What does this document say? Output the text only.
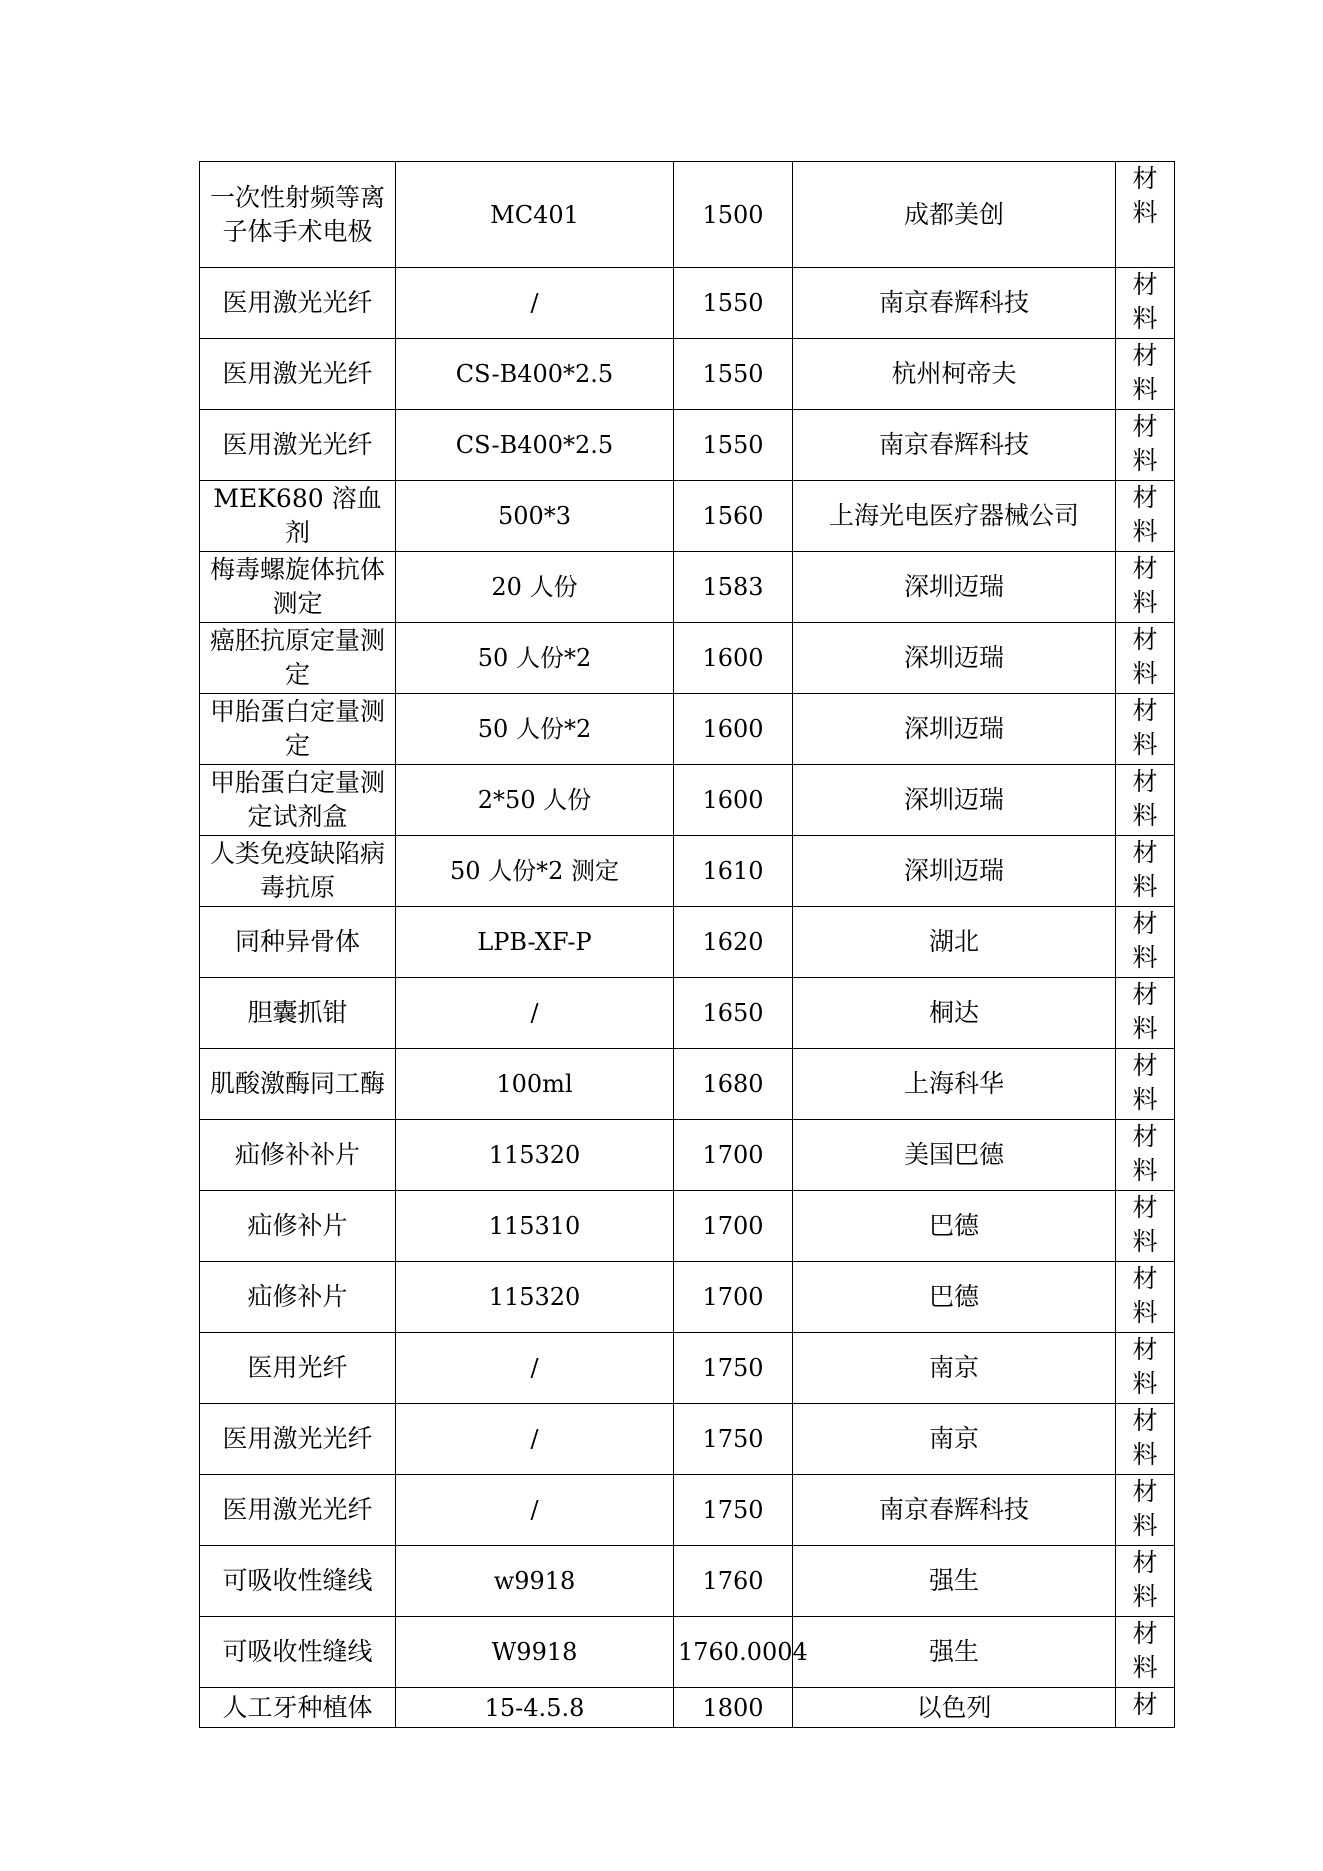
一次性射频等离子体手术电极	MC401	1500	成都美创	材料

医用激光光纤	/	1550	南京春辉科技	材料

医用激光光纤	CS-B400*2.5	1550	杭州柯帝夫	材料

医用激光光纤	CS-B400*2.5	1550	南京春辉科技	材料

MEK680 溶血剂	500*3	1560	上海光电医疗器械公司	材料

梅毒螺旋体抗体测定	20 人份	1583	深圳迈瑞	材料

癌胚抗原定量测定	50 人份*2	1600	深圳迈瑞	材料

甲胎蛋白定量测定	50 人份*2	1600	深圳迈瑞	材料

甲胎蛋白定量测定试剂盒	2*50 人份	1600	深圳迈瑞	材料

人类免疫缺陷病毒抗原	50 人份*2 测定	1610	深圳迈瑞	材料

同种异骨体	LPB-XF-P	1620	湖北	材料

胆囊抓钳	/	1650	桐达	材料

肌酸激酶同工酶	100ml	1680	上海科华	材料

疝修补补片	115320	1700	美国巴德	材料

疝修补片	115310	1700	巴德	材料

疝修补片	115320	1700	巴德	材料

医用光纤	/	1750	南京	材料

医用激光光纤	/	1750	南京	材料

医用激光光纤	/	1750	南京春辉科技	材料

可吸收性缝线	w9918	1760	强生	材料

可吸收性缝线	W9918	1760.0004	强生	材料

人工牙种植体	15-4.5.8	1800	以色列	材
